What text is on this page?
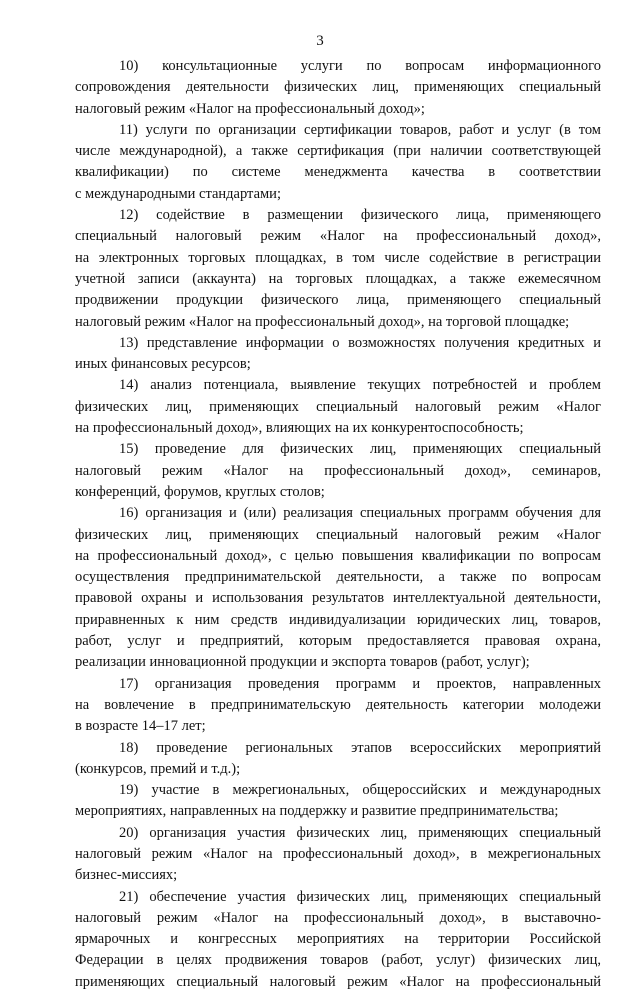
3
10) консультационные услуги по вопросам информационного
сопровождения деятельности физических лиц, применяющих специальный
налоговый режим «Налог на профессиональный доход»;
11) услуги по организации сертификации товаров, работ и услуг (в том
числе международной), а также сертификация (при наличии соответствующей
квалификации) по системе менеджмента качества в соответствии
с международными стандартами;
12) содействие в размещении физического лица, применяющего
специальный налоговый режим «Налог на профессиональный доход»,
на электронных торговых площадках, в том числе содействие в регистрации
учетной записи (аккаунта) на торговых площадках, а также ежемесячном
продвижении продукции физического лица, применяющего специальный
налоговый режим «Налог на профессиональный доход», на торговой площадке;
13) представление информации о возможностях получения кредитных и
иных финансовых ресурсов;
14) анализ потенциала, выявление текущих потребностей и проблем
физических лиц, применяющих специальный налоговый режим «Налог
на профессиональный доход», влияющих на их конкурентоспособность;
15) проведение для физических лиц, применяющих специальный
налоговый режим «Налог на профессиональный доход», семинаров,
конференций, форумов, круглых столов;
16) организация и (или) реализация специальных программ обучения для
физических лиц, применяющих специальный налоговый режим «Налог
на профессиональный доход», с целью повышения квалификации по вопросам
осуществления предпринимательской деятельности, а также по вопросам
правовой охраны и использования результатов интеллектуальной деятельности,
приравненных к ним средств индивидуализации юридических лиц, товаров,
работ, услуг и предприятий, которым предоставляется правовая охрана,
реализации инновационной продукции и экспорта товаров (работ, услуг);
17) организация проведения программ и проектов, направленных
на вовлечение в предпринимательскую деятельность категории молодежи
в возрасте 14–17 лет;
18) проведение региональных этапов всероссийских мероприятий
(конкурсов, премий и т.д.);
19) участие в межрегиональных, общероссийских и международных
мероприятиях, направленных на поддержку и развитие предпринимательства;
20) организация участия физических лиц, применяющих специальный
налоговый режим «Налог на профессиональный доход», в межрегиональных
бизнес-миссиях;
21) обеспечение участия физических лиц, применяющих специальный
налоговый режим «Налог на профессиональный доход», в выставочно-
ярмарочных и конгрессных мероприятиях на территории Российской
Федерации в целях продвижения товаров (работ, услуг) физических лиц,
применяющих специальный налоговый режим «Налог на профессиональный
